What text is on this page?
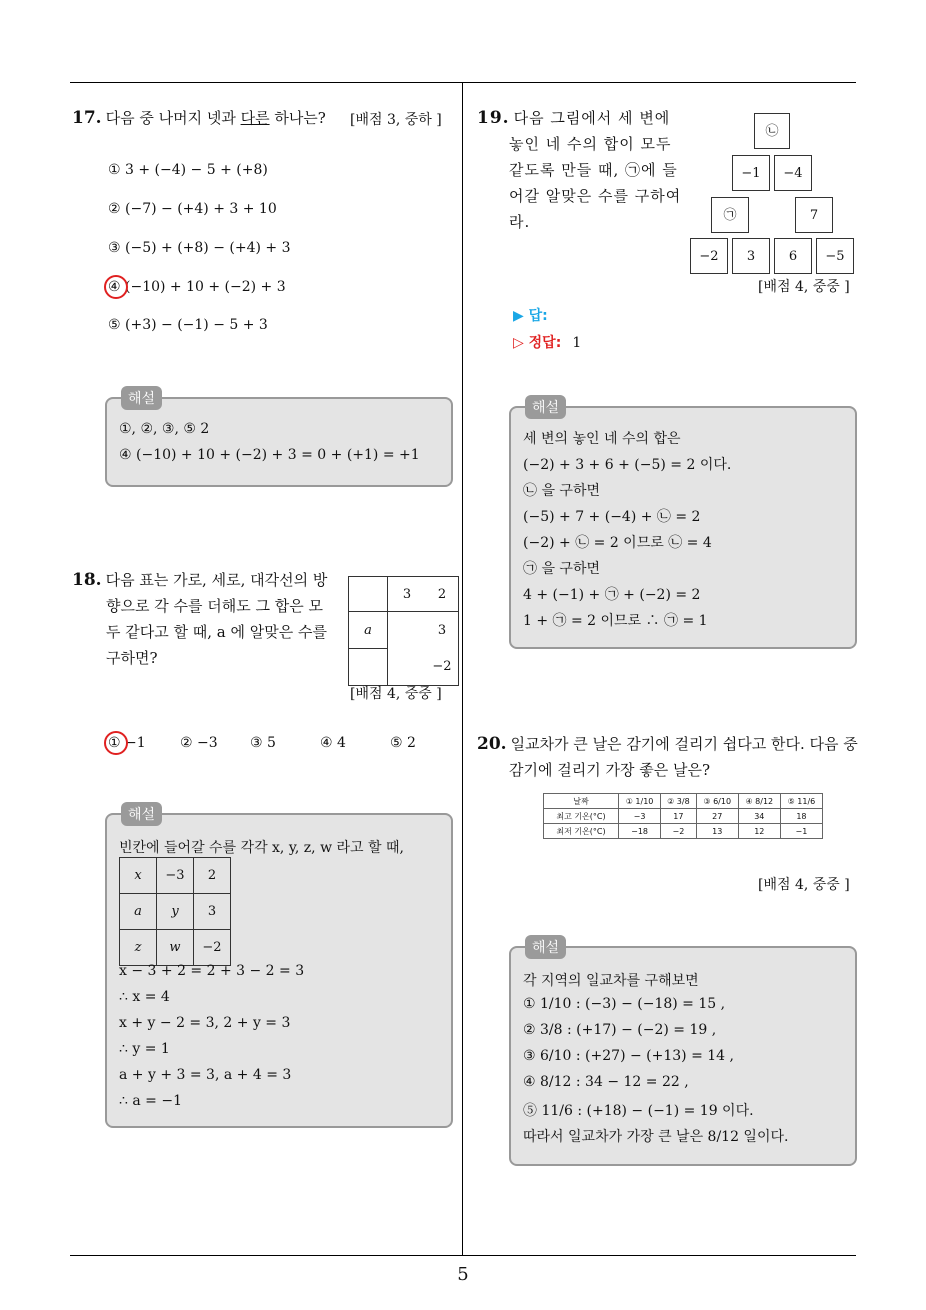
5
17. 다음 중 나머지 넷과 다른 하나는? [배점 3, 중하 ]
① 3 + (−4) − 5 + (+8)
② (−7) − (+4) + 3 + 10
③ (−5) + (+8) − (+4) + 3
④ (−10) + 10 + (−2) + 3
⑤ (+3) − (−1) − 5 + 3
해설
①, ②, ③, ⑤ 2
④ (−10) + 10 + (−2) + 3 = 0 + (+1) = +1
18. 다음 표는 가로, 세로, 대각선의 방
향으로 각 수를 더해도 그 합은 모
두 같다고 할 때, a 에 알맞은 수를
구하면?
	3	2
a		3
		−2
[배점 4, 중중 ]
① −1 ② −3 ③ 5	④ 4	⑤ 2
해설
빈칸에 들어갈 수를 각각 x, y, z, w 라고 할 때,
x	−3	2
a	y	3
z	w	−2
x − 3 + 2 = 2 + 3 − 2 = 3
∴ x = 4
x + y − 2 = 3, 2 + y = 3
∴ y = 1
a + y + 3 = 3, a + 4 = 3
∴ a = −1
19. 다음 그림에서 세 변에
놓인 네 수의 합이 모두
같도록 만들 때, ㉠에 들
어갈 알맞은 수를 구하여
라.
㉡
−1	−4
㉠	7
−2	3	6	−5
[배점 4, 중중 ]
▶ 답:
▷ 정답: 1
해설
세 변의 놓인 네 수의 합은
(−2) + 3 + 6 + (−5) = 2 이다.
㉡ 을 구하면
(−5) + 7 + (−4) + ㉡ = 2
(−2) + ㉡ = 2 이므로 ㉡ = 4
㉠ 을 구하면
4 + (−1) + ㉠ + (−2) = 2
1 + ㉠ = 2 이므로 ∴ ㉠ = 1
20. 일교차가 큰 날은 감기에 걸리기 쉽다고 한다. 다음 중
감기에 걸리기 가장 좋은 날은?
날짜	① 1/10	② 3/8	③ 6/10	④ 8/12	⑤ 11/6
최고 기온(°C)	−3	17	27	34	18
최저 기온(°C)	−18	−2	13	12	−1
[배점 4, 중중 ]
해설
각 지역의 일교차를 구해보면
① 1/10 : (−3) − (−18) = 15 ,
② 3/8 : (+17) − (−2) = 19 ,
③ 6/10 : (+27) − (+13) = 14 ,
④ 8/12 : 34 − 12 = 22 ,
⑤ 11/6 : (+18) − (−1) = 19 이다.
따라서 일교차가 가장 큰 날은 8/12 일이다.
